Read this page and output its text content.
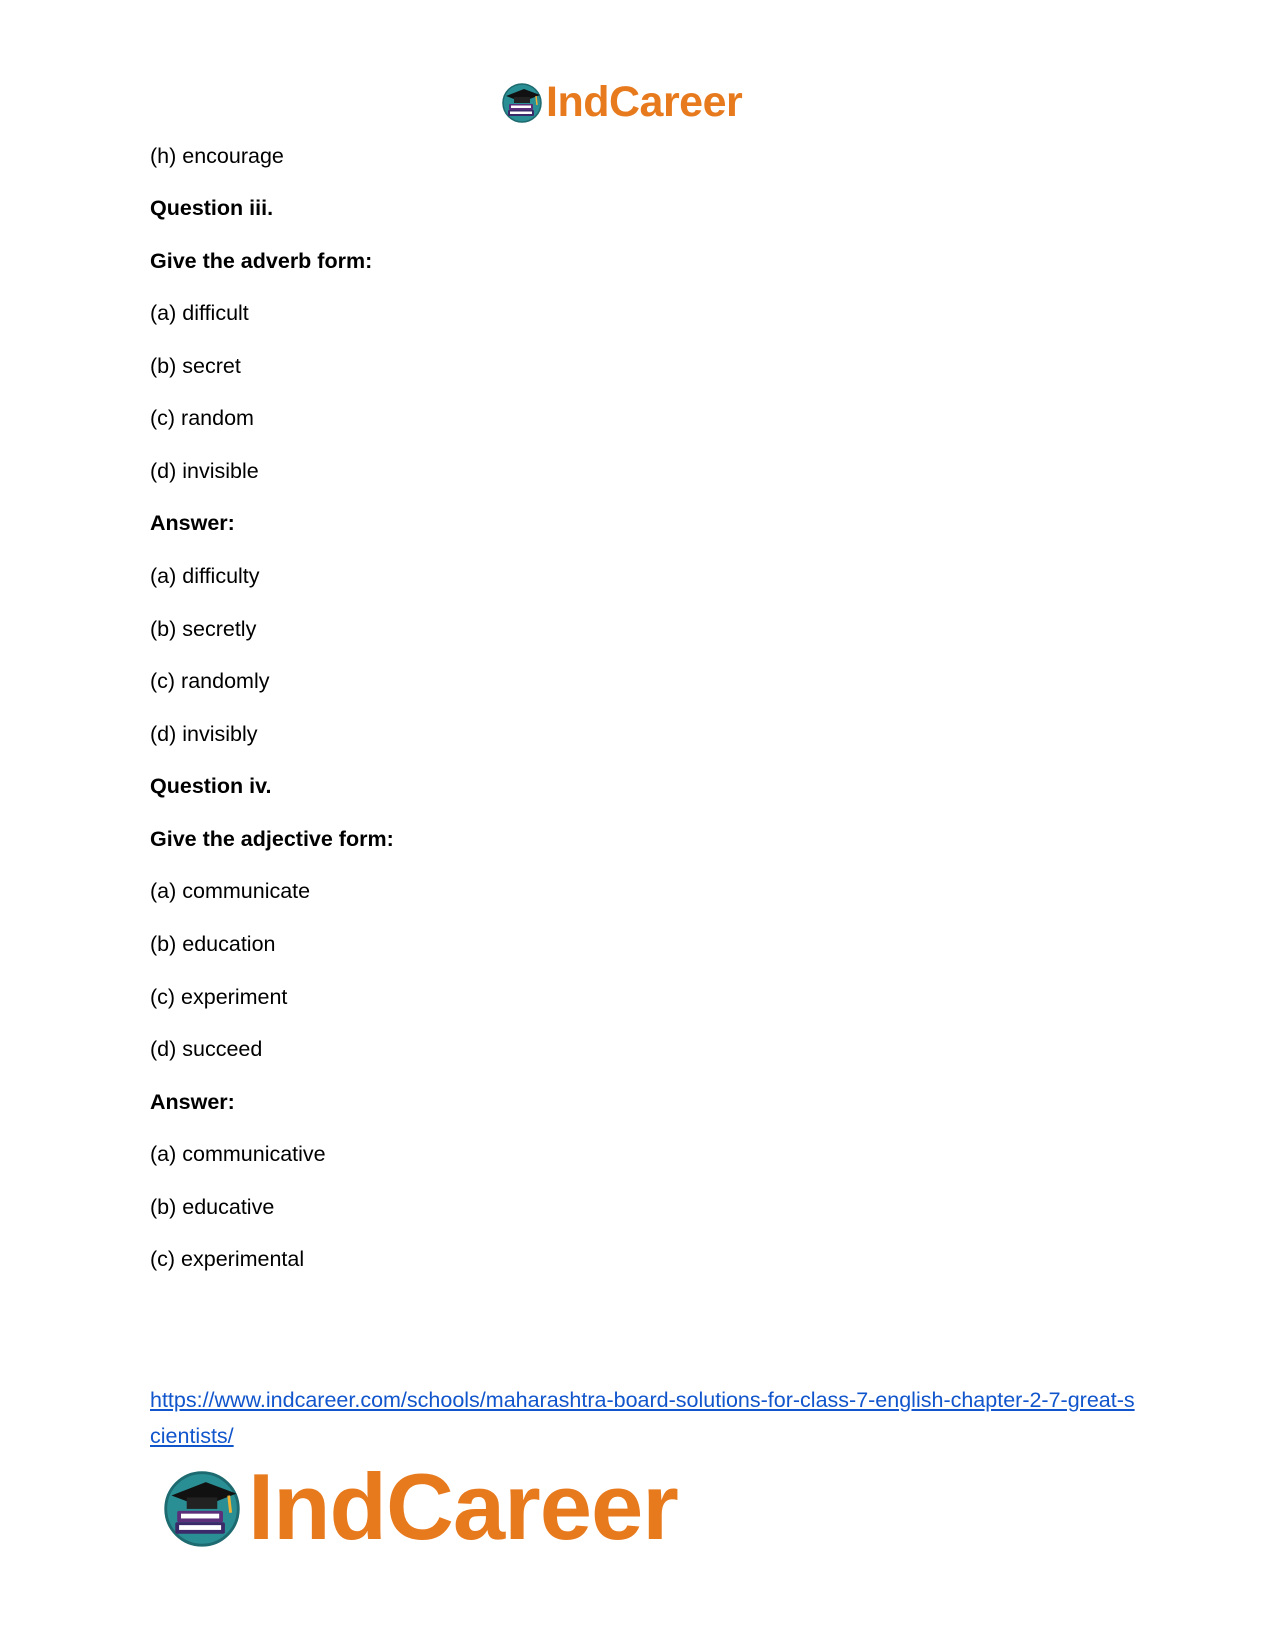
IndCareer
(h) encourage
Question iii.
Give the adverb form:
(a) difficult
(b) secret
(c) random
(d) invisible
Answer:
(a) difficulty
(b) secretly
(c) randomly
(d) invisibly
Question iv.
Give the adjective form:
(a) communicate
(b) education
(c) experiment
(d) succeed
Answer:
(a) communicative
(b) educative
(c) experimental
https://www.indcareer.com/schools/maharashtra-board-solutions-for-class-7-english-chapter-2-7-great-scientists/
IndCareer
